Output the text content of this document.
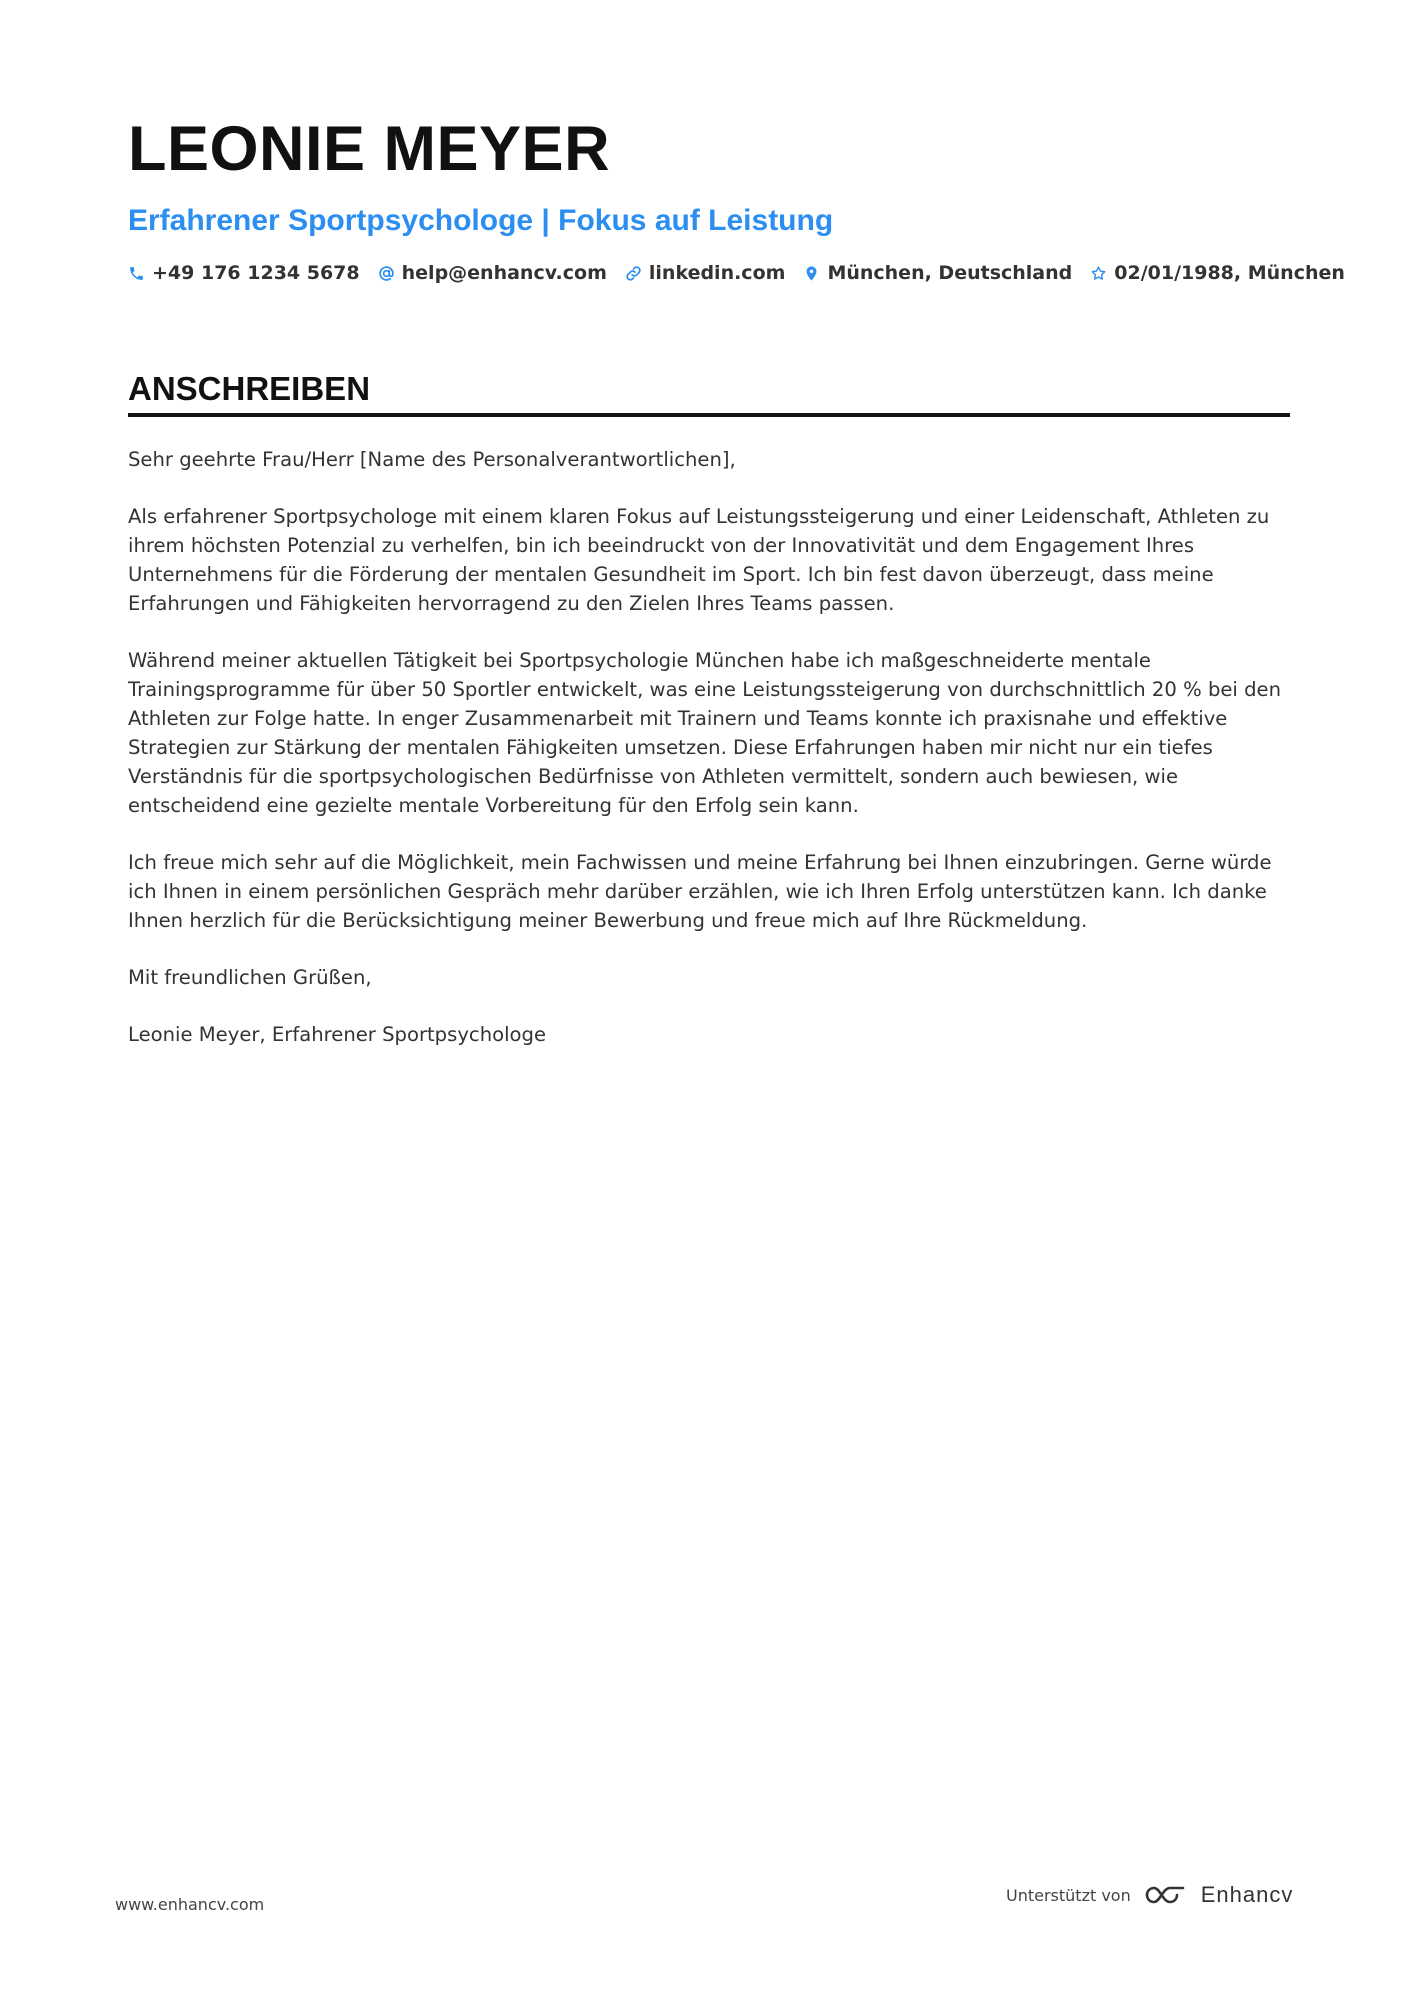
LEONIE MEYER
Erfahrener Sportpsychologe | Fokus auf Leistung
+49 176 1234 5678 help@enhancv.com linkedin.com München, Deutschland 02/01/1988, München
ANSCHREIBEN

Sehr geehrte Frau/Herr [Name des Personalverantwortlichen],

Als erfahrener Sportpsychologe mit einem klaren Fokus auf Leistungssteigerung und einer Leidenschaft, Athleten zu ihrem höchsten Potenzial zu verhelfen, bin ich beeindruckt von der Innovativität und dem Engagement Ihres Unternehmens für die Förderung der mentalen Gesundheit im Sport. Ich bin fest davon überzeugt, dass meine Erfahrungen und Fähigkeiten hervorragend zu den Zielen Ihres Teams passen.

Während meiner aktuellen Tätigkeit bei Sportpsychologie München habe ich maßgeschneiderte mentale Trainingsprogramme für über 50 Sportler entwickelt, was eine Leistungssteigerung von durchschnittlich 20 % bei den Athleten zur Folge hatte. In enger Zusammenarbeit mit Trainern und Teams konnte ich praxisnahe und effektive Strategien zur Stärkung der mentalen Fähigkeiten umsetzen. Diese Erfahrungen haben mir nicht nur ein tiefes Verständnis für die sportpsychologischen Bedürfnisse von Athleten vermittelt, sondern auch bewiesen, wie entscheidend eine gezielte mentale Vorbereitung für den Erfolg sein kann.

Ich freue mich sehr auf die Möglichkeit, mein Fachwissen und meine Erfahrung bei Ihnen einzubringen. Gerne würde ich Ihnen in einem persönlichen Gespräch mehr darüber erzählen, wie ich Ihren Erfolg unterstützen kann. Ich danke Ihnen herzlich für die Berücksichtigung meiner Bewerbung und freue mich auf Ihre Rückmeldung.

Mit freundlichen Grüßen,

Leonie Meyer, Erfahrener Sportpsychologe

www.enhancv.com	Unterstützt von	Enhancv
